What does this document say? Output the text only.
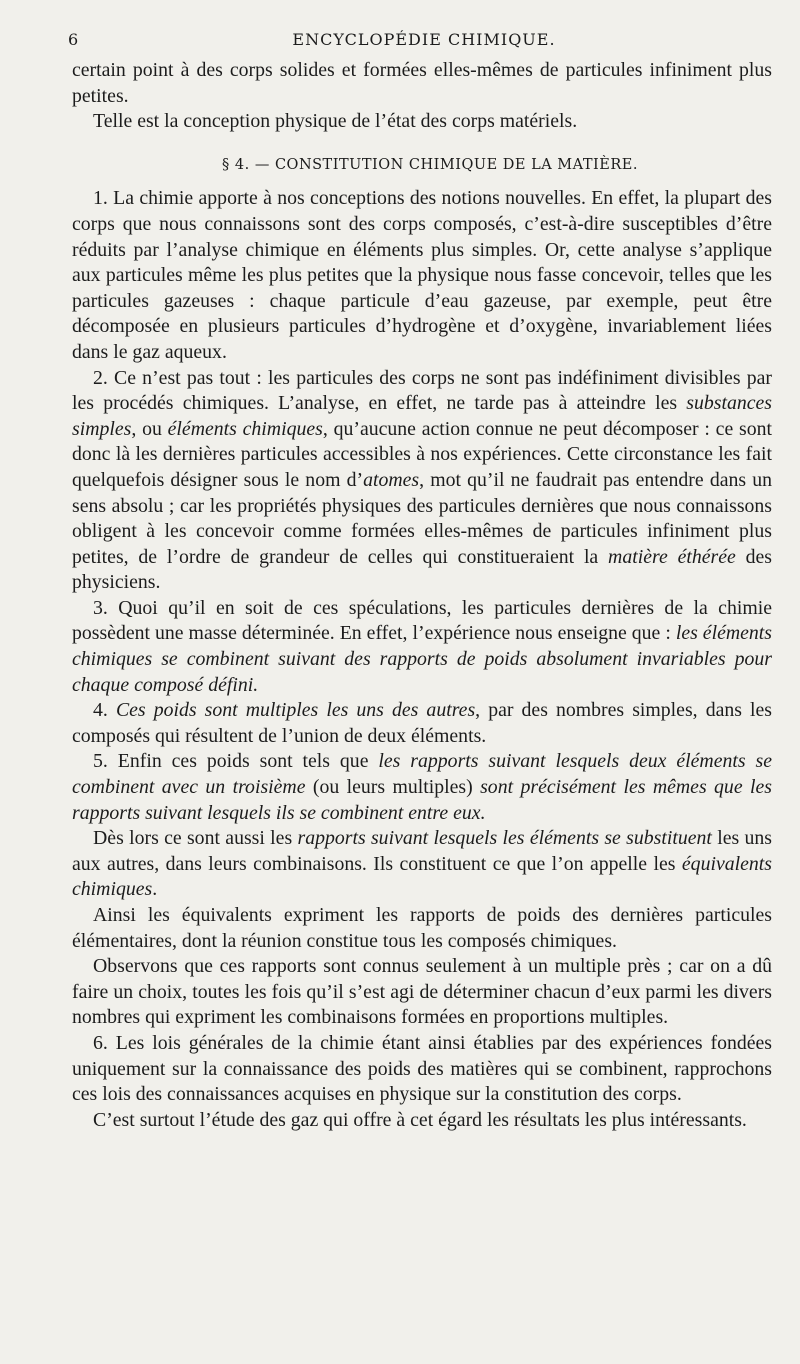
6	ENCYCLOPÉDIE CHIMIQUE.

certain point à des corps solides et formées elles-mêmes de particules infiniment plus petites.

Telle est la conception physique de l’état des corps matériels.

§ 4. — CONSTITUTION CHIMIQUE DE LA MATIÈRE.

1. La chimie apporte à nos conceptions des notions nouvelles. En effet, la plupart des corps que nous connaissons sont des corps composés, c’est-à-dire susceptibles d’être réduits par l’analyse chimique en éléments plus simples. Or, cette analyse s’applique aux particules même les plus petites que la physique nous fasse concevoir, telles que les particules gazeuses : chaque particule d’eau gazeuse, par exemple, peut être décomposée en plusieurs particules d’hydrogène et d’oxygène, invariablement liées dans le gaz aqueux.

2. Ce n’est pas tout : les particules des corps ne sont pas indéfiniment divisibles par les procédés chimiques. L’analyse, en effet, ne tarde pas à atteindre les substances simples, ou éléments chimiques, qu’aucune action connue ne peut décomposer : ce sont donc là les dernières particules accessibles à nos expériences. Cette circonstance les fait quelquefois désigner sous le nom d’atomes, mot qu’il ne faudrait pas entendre dans un sens absolu ; car les propriétés physiques des particules dernières que nous connaissons obligent à les concevoir comme formées elles-mêmes de particules infiniment plus petites, de l’ordre de grandeur de celles qui constitueraient la matière éthérée des physiciens.

3. Quoi qu’il en soit de ces spéculations, les particules dernières de la chimie possèdent une masse déterminée. En effet, l’expérience nous enseigne que : les éléments chimiques se combinent suivant des rapports de poids absolument invariables pour chaque composé défini.

4. Ces poids sont multiples les uns des autres, par des nombres simples, dans les composés qui résultent de l’union de deux éléments.

5. Enfin ces poids sont tels que les rapports suivant lesquels deux éléments se combinent avec un troisième (ou leurs multiples) sont précisément les mêmes que les rapports suivant lesquels ils se combinent entre eux.

Dès lors ce sont aussi les rapports suivant lesquels les éléments se substituent les uns aux autres, dans leurs combinaisons. Ils constituent ce que l’on appelle les équivalents chimiques.

Ainsi les équivalents expriment les rapports de poids des dernières particules élémentaires, dont la réunion constitue tous les composés chimiques.

Observons que ces rapports sont connus seulement à un multiple près ; car on a dû faire un choix, toutes les fois qu’il s’est agi de déterminer chacun d’eux parmi les divers nombres qui expriment les combinaisons formées en proportions multiples.

6. Les lois générales de la chimie étant ainsi établies par des expériences fondées uniquement sur la connaissance des poids des matières qui se combinent, rapprochons ces lois des connaissances acquises en physique sur la constitution des corps.

C’est surtout l’étude des gaz qui offre à cet égard les résultats les plus intéressants.
